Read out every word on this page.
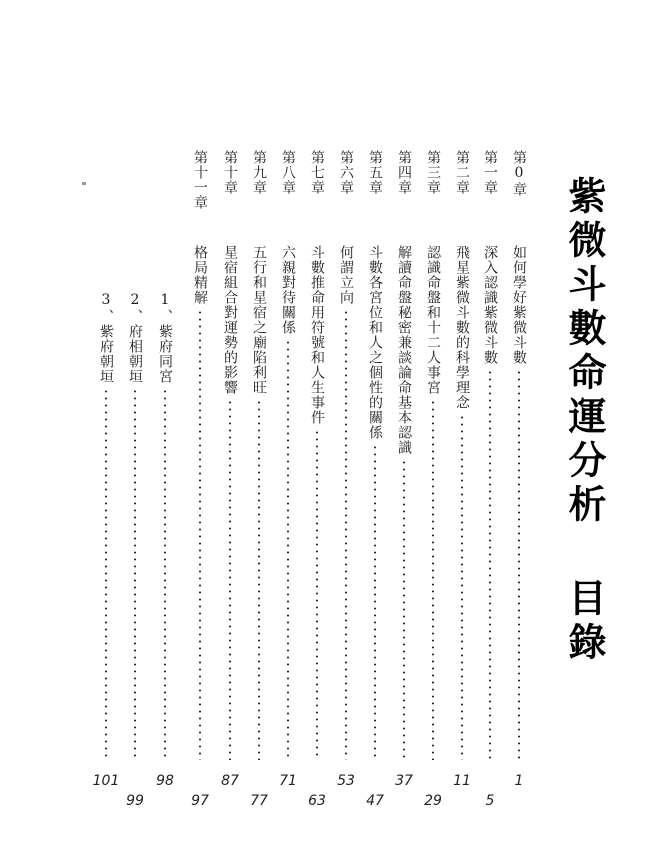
紫微斗數命運分析 目錄
1
第0章
如何學好紫微斗數
5
第一章
深入認識紫微斗數
11
第二章
飛星紫微斗數的科學理念
29
第三章
認識命盤和十二人事宮
37
第四章
解讀命盤秘密兼談論命基本認識
47
第五章
斗數各宮位和人之個性的關係
53
第六章
何謂立向
63
第七章
斗數推命用符號和人生事件
71
第八章
六親對待關係
77
第九章
五行和星宿之廟陷利旺
87
第十章
星宿組合對運勢的影響
97
第十一章
格局精解
98
1、紫府同宮
99
2、府相朝垣
101
3、紫府朝垣
